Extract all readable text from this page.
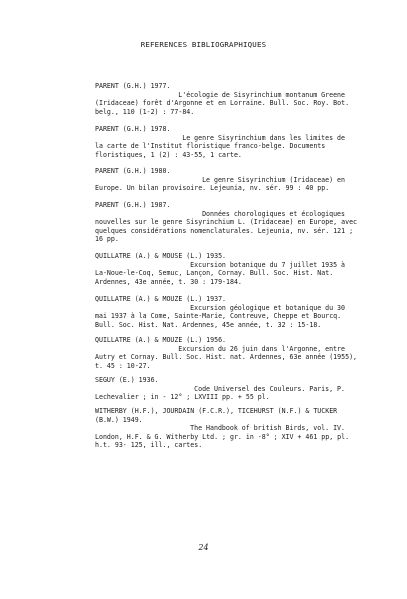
REFERENCES BIBLIOGRAPHIQUES
PARENT (G.H.) 1977.
L'écologie de Sisyrinchium montanum Greene
(Iridaceae) forêt d'Argonne et en Lorraine. Bull. Soc. Roy. Bot.
belg., 110 (1-2) : 77-84.
PARENT (G.H.) 1978.
Le genre Sisyrinchium dans les limites de
la carte de l'Institut floristique franco-belge. Documents
floristiques, 1 (2) : 43-55, 1 carte.
PARENT (G.H.) 1980.
Le genre Sisyrinchium (Iridaceae) en
Europe. Un bilan provisoire. Lejeunia, nv. sér. 99 : 40 pp.
PARENT (G.H.) 1987.
Données chorologiques et écologiques
nouvelles sur le genre Sisyrinchium L. (Iridaceae) en Europe, avec
quelques considérations nomenclaturales. Lejeunia, nv. sér. 121 ;
16 pp.
QUILLATRE (A.) & MOUSE (L.) 1935.
Excursion botanique du 7 juillet 1935 à
La-Noue-le-Coq, Semuc, Lançon, Cornay. Bull. Soc. Hist. Nat.
Ardennes, 43e année, t. 30 : 179-184.
QUILLATRE (A.) & MOUZE (L.) 1937.
Excursion géologique et botanique du 30
mai 1937 à la Come, Sainte-Marie, Contreuve, Cheppe et Bourcq.
Bull. Soc. Hist. Nat. Ardennes, 45e année, t. 32 : 15-18.
QUILLATRE (A.) & MOUZE (L.) 1956.
Excursion du 26 juin dans l'Argonne, entre
Autry et Cornay. Bull. Soc. Hist. nat. Ardennes, 63e année (1955),
t. 45 : 10-27.
SEGUY (E.) 1936.
Code Universel des Couleurs. Paris, P.
Lechevalier ; in - 12° ; LXVIII pp. + 55 pl.
WITHERBY (H.F.), JOURDAIN (F.C.R.), TICEHURST (N.F.) & TUCKER
(B.W.) 1949.
The Handbook of british Birds, vol. IV.
London, H.F. & G. Witherby Ltd. ; gr. in -8° ; XIV + 461 pp, pl.
h.t. 93- 125, ill., cartes.
24
